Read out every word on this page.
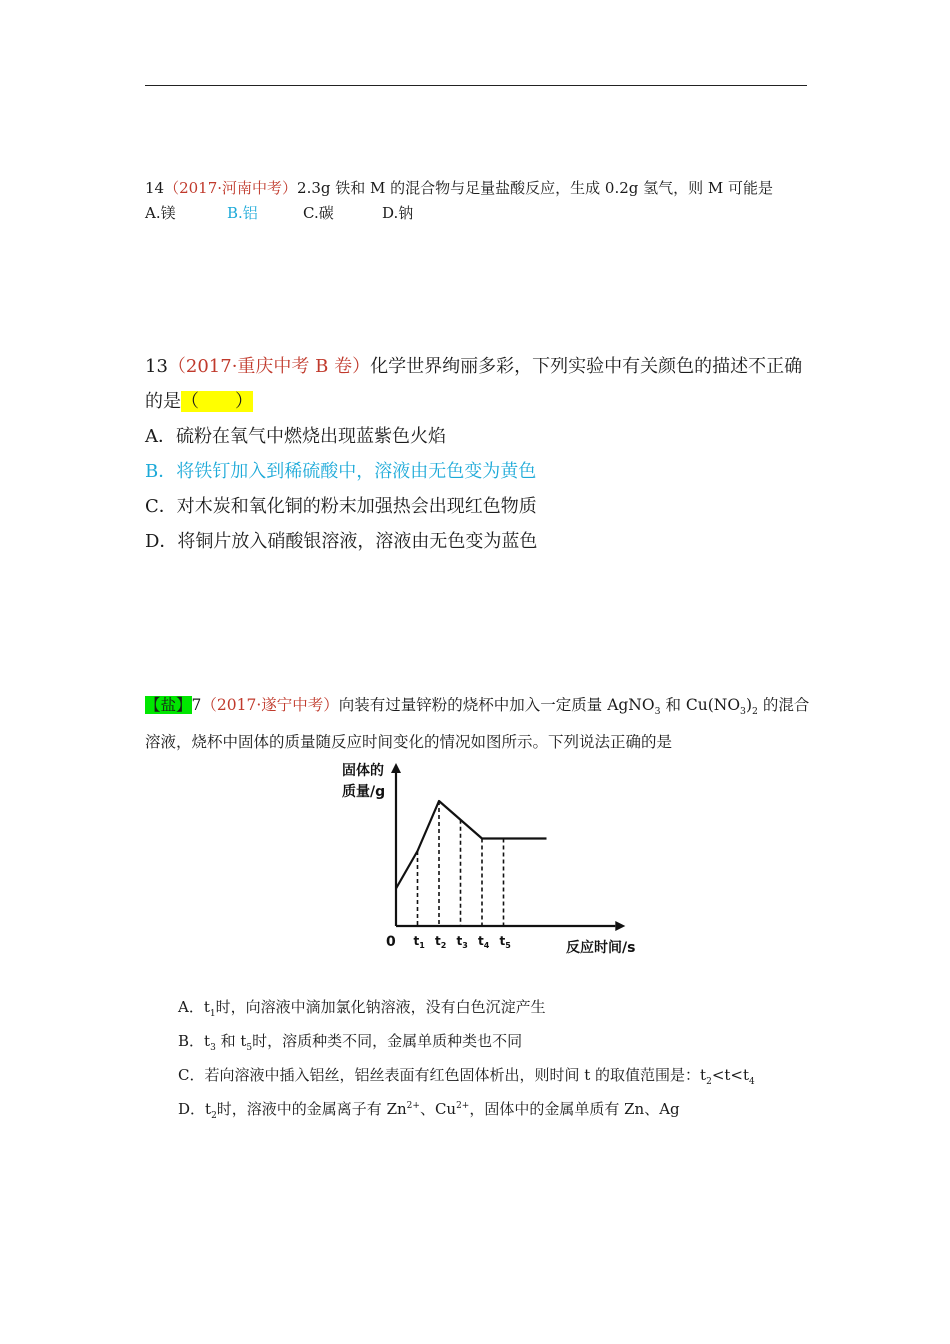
14（2017·河南中考）2.3g 铁和 M 的混合物与足量盐酸反应，生成 0.2g 氢气，则 M 可能是
A.镁	B.铝	C.碳	D.钠
13（2017·重庆中考 B 卷）化学世界绚丽多彩，下列实验中有关颜色的描述不正确
的是（　　）
A．硫粉在氧气中燃烧出现蓝紫色火焰
B．将铁钉加入到稀硫酸中，溶液由无色变为黄色
C．对木炭和氧化铜的粉末加强热会出现红色物质
D．将铜片放入硝酸银溶液，溶液由无色变为蓝色
【盐】7（2017·遂宁中考）向装有过量锌粉的烧杯中加入一定质量 AgNO$_3$ 和 $Cu(NO_3)_2$ 的混合
溶液，烧杯中固体的质量随反应时间变化的情况如图所示。下列说法正确的是
固体的
质量/g
0	反应时间/s
$t_1$ $t_2$ $t_3$ $t_4$ $t_5$
A．$t_1$时，向溶液中滴加氯化钠溶液，没有白色沉淀产生
B．$t_3$ 和 $t_5$时，溶质种类不同，金属单质种类也不同
C．若向溶液中插入铝丝，铝丝表面有红色固体析出，则时间 t 的取值范围是：$t_2<t<t_4$
D．$t_2$时，溶液中的金属离子有 $Zn^{2+}$、$Cu^{2+}$，固体中的金属单质有 Zn、Ag
